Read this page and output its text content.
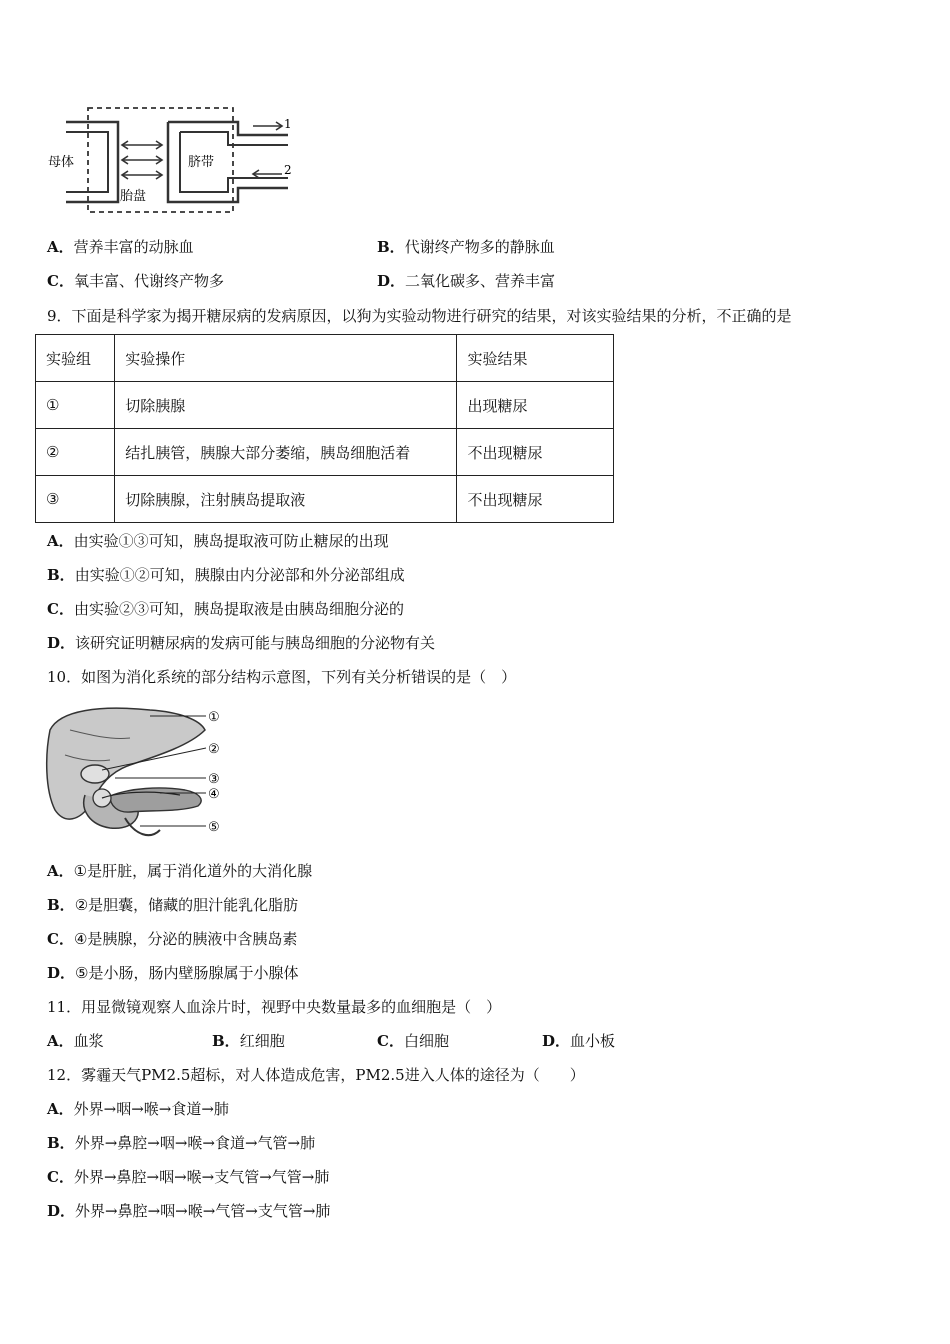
母体
胎盘
脐带
1
2
A．营养丰富的动脉血	B．代谢终产物多的静脉血
C．氧丰富、代谢终产物多	D．二氧化碳多、营养丰富
9．下面是科学家为揭开糖尿病的发病原因，以狗为实验动物进行研究的结果，对该实验结果的分析，不正确的是
实验组	实验操作	实验结果
①	切除胰腺	出现糖尿
②	结扎胰管，胰腺大部分萎缩，胰岛细胞活着	不出现糖尿
③	切除胰腺，注射胰岛提取液	不出现糖尿
A．由实验①③可知，胰岛提取液可防止糖尿的出现
B．由实验①②可知，胰腺由内分泌部和外分泌部组成
C．由实验②③可知，胰岛提取液是由胰岛细胞分泌的
D．该研究证明糖尿病的发病可能与胰岛细胞的分泌物有关
10．如图为消化系统的部分结构示意图，下列有关分析错误的是（　）
①
②
③
④
⑤
A．①是肝脏，属于消化道外的大消化腺
B．②是胆囊，储藏的胆汁能乳化脂肪
C．④是胰腺，分泌的胰液中含胰岛素
D．⑤是小肠，肠内壁肠腺属于小腺体
11．用显微镜观察人血涂片时，视野中央数量最多的血细胞是（　）
A．血浆	B．红细胞	C．白细胞	D．血小板
12．雾霾天气PM2.5超标，对人体造成危害，PM2.5进入人体的途径为（　　）
A．外界→咽→喉→食道→肺
B．外界→鼻腔→咽→喉→食道→气管→肺
C．外界→鼻腔→咽→喉→支气管→气管→肺
D．外界→鼻腔→咽→喉→气管→支气管→肺
